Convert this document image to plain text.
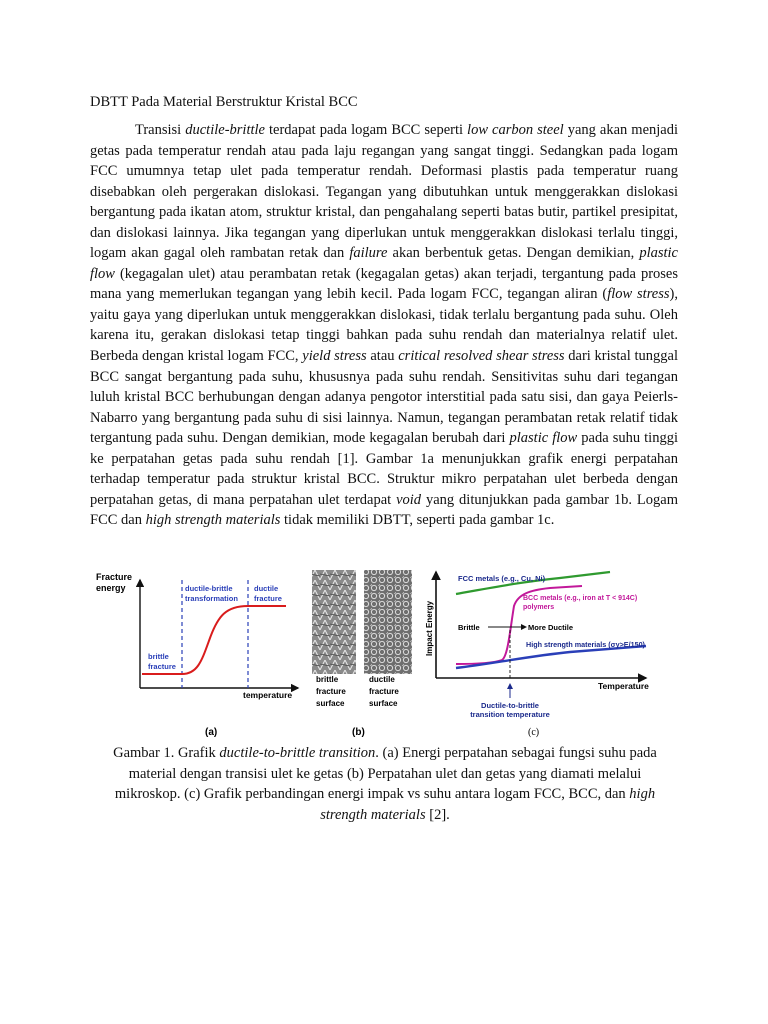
DBTT Pada Material Berstruktur Kristal BCC

Transisi ductile-brittle terdapat pada logam BCC seperti low carbon steel yang akan menjadi getas pada temperatur rendah atau pada laju regangan yang sangat tinggi. Sedangkan pada logam FCC umumnya tetap ulet pada temperatur rendah. Deformasi plastis pada temperatur ruang disebabkan oleh pergerakan dislokasi. Tegangan yang dibutuhkan untuk menggerakkan dislokasi bergantung pada ikatan atom, struktur kristal, dan pengahalang seperti batas butir, partikel presipitat, dan dislokasi lainnya. Jika tegangan yang diperlukan untuk menggerakkan dislokasi terlalu tinggi, logam akan gagal oleh rambatan retak dan failure akan berbentuk getas. Dengan demikian, plastic flow (kegagalan ulet) atau perambatan retak (kegagalan getas) akan terjadi, tergantung pada proses mana yang memerlukan tegangan yang lebih kecil. Pada logam FCC, tegangan aliran (flow stress), yaitu gaya yang diperlukan untuk menggerakkan dislokasi, tidak terlalu bergantung pada suhu. Oleh karena itu, gerakan dislokasi tetap tinggi bahkan pada suhu rendah dan materialnya relatif ulet. Berbeda dengan kristal logam FCC, yield stress atau critical resolved shear stress dari kristal tunggal BCC sangat bergantung pada suhu, khususnya pada suhu rendah. Sensitivitas suhu dari tegangan luluh kristal BCC berhubungan dengan adanya pengotor interstitial pada satu sisi, dan gaya Peierls-Nabarro yang bergantung pada suhu di sisi lainnya. Namun, tegangan perambatan retak relatif tidak tergantung pada suhu. Dengan demikian, mode kegagalan berubah dari plastic flow pada suhu tinggi ke perpatahan getas pada suhu rendah [1]. Gambar 1a menunjukkan grafik energi perpatahan terhadap temperatur pada struktur kristal BCC. Struktur mikro perpatahan ulet berbeda dengan perpatahan getas, di mana perpatahan ulet terdapat void yang ditunjukkan pada gambar 1b. Logam FCC dan high strength materials tidak memiliki DBTT, seperti pada gambar 1c.

Fracture
energy	ductile-brittle
transformation
ductile
fracture
brittle
fracture
temperature
(a)
brittle
fracture
surface
ductile
fracture
surface
(b)
Impact Energy
FCC metals (e.g., Cu, Ni)
BCC metals (e.g., iron at T < 914C)
polymers
High strength materials (σy>E/150)
Brittle	More Ductile
Temperature
Ductile-to-brittle
transition temperature
(c)

Gambar 1. Grafik ductile-to-brittle transition. (a) Energi perpatahan sebagai fungsi suhu pada material dengan transisi ulet ke getas (b) Perpatahan ulet dan getas yang diamati melalui mikroskop. (c) Grafik perbandingan energi impak vs suhu antara logam FCC, BCC, dan high strength materials [2].
